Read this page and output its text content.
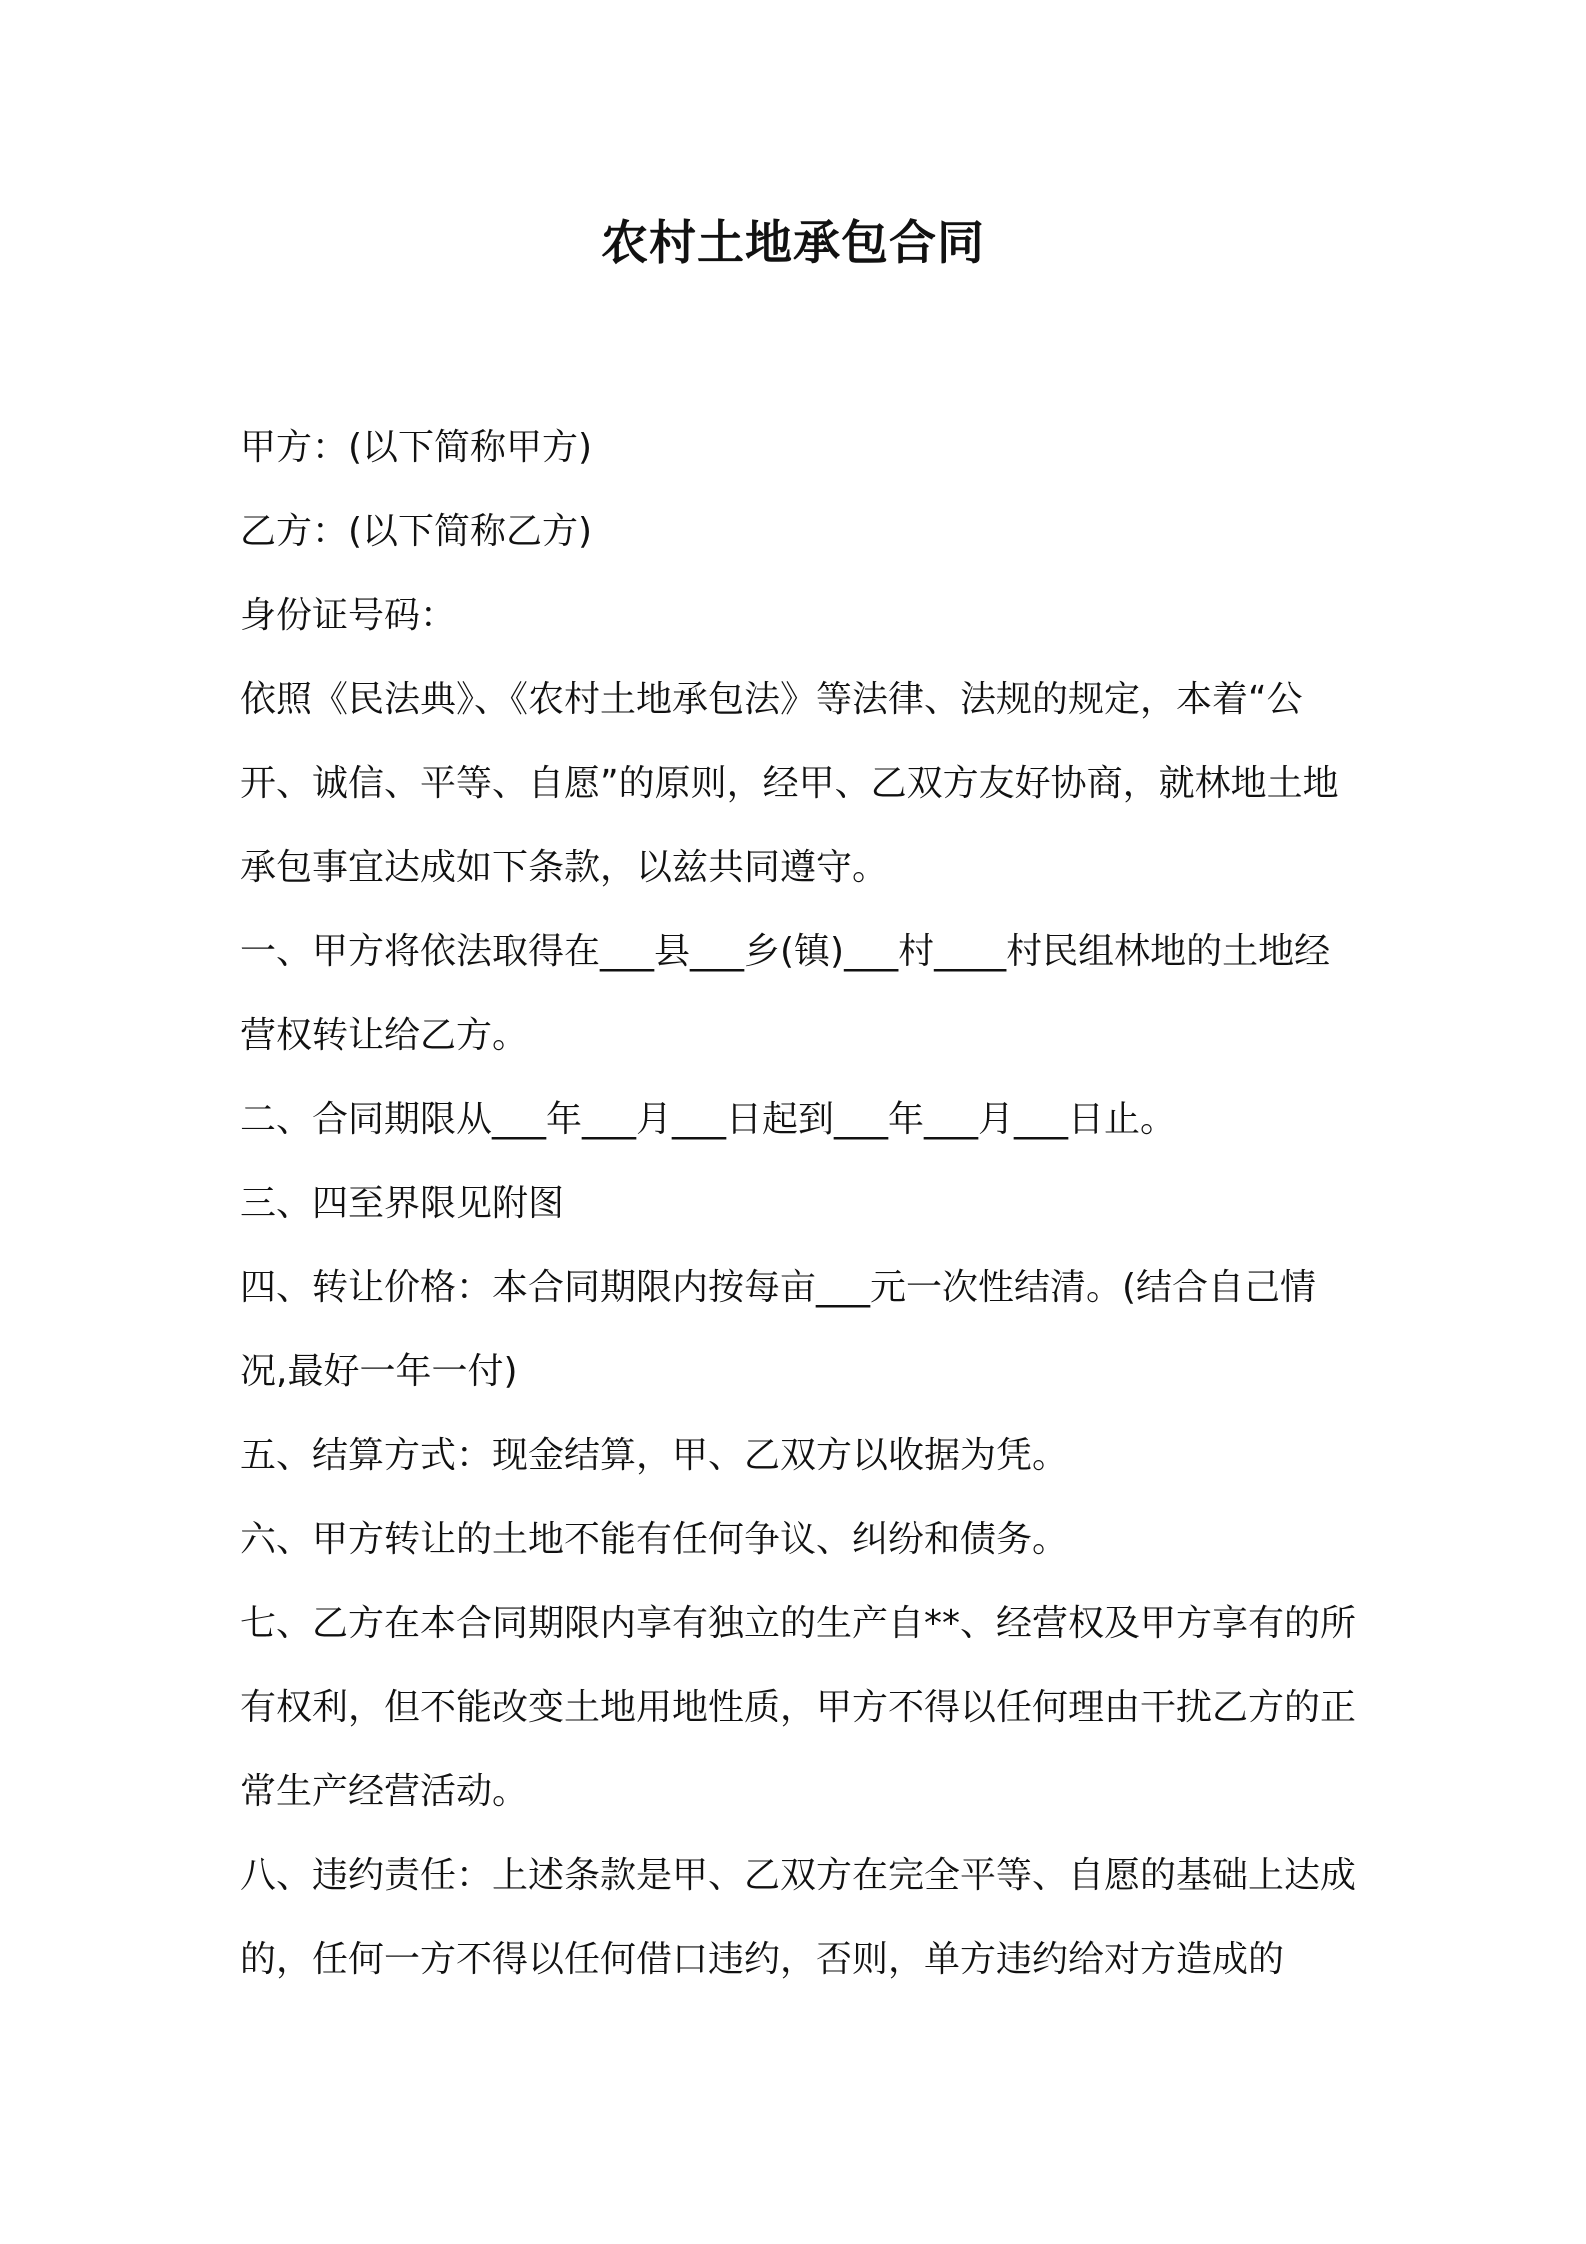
农村土地承包合同

甲方：(以下简称甲方)

乙方：(以下简称乙方)

身份证号码：

依照《民法典》、《农村土地承包法》等法律、法规的规定，本着“公开、诚信、平等、自愿”的原则，经甲、乙双方友好协商，就林地土地承包事宜达成如下条款，以兹共同遵守。

一、甲方将依法取得在___县___乡(镇)___村____村民组林地的土地经营权转让给乙方。

二、合同期限从___年___月___日起到___年___月___日止。

三、四至界限见附图

四、转让价格：本合同期限内按每亩___元一次性结清。(结合自己情况,最好一年一付)

五、结算方式：现金结算，甲、乙双方以收据为凭。

六、甲方转让的土地不能有任何争议、纠纷和债务。

七、乙方在本合同期限内享有独立的生产自**、经营权及甲方享有的所有权利，但不能改变土地用地性质，甲方不得以任何理由干扰乙方的正常生产经营活动。

八、违约责任：上述条款是甲、乙双方在完全平等、自愿的基础上达成的，任何一方不得以任何借口违约，否则，单方违约给对方造成的
